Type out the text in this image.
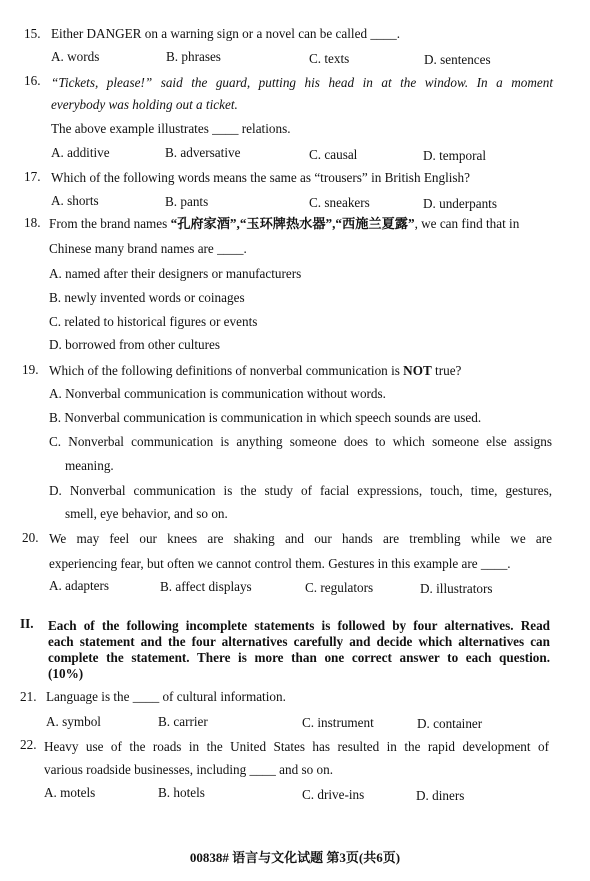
15. Either DANGER on a warning sign or a novel can be called ____.
A. words	B. phrases	C. texts	D. sentences
16. “Tickets, please!” said the guard, putting his head in at the window. In a moment
everybody was holding out a ticket.
The above example illustrates ____ relations.
A. additive	B. adversative	C. causal	D. temporal
17. Which of the following words means the same as “trousers” in British English?
A. shorts	B. pants	C. sneakers	D. underpants
18. From the brand names “孔府家酒”,“玉环牌热水器”,“西施兰夏露”, we can find that in
Chinese many brand names are ____.
A. named after their designers or manufacturers
B. newly invented words or coinages
C. related to historical figures or events
D. borrowed from other cultures
19. Which of the following definitions of nonverbal communication is NOT true?
A. Nonverbal communication is communication without words.
B. Nonverbal communication is communication in which speech sounds are used.
C. Nonverbal communication is anything someone does to which someone else assigns
meaning.
D. Nonverbal communication is the study of facial expressions, touch, time, gestures,
smell, eye behavior, and so on.
20. We may feel our knees are shaking and our hands are trembling while we are
experiencing fear, but often we cannot control them. Gestures in this example are ____.
A. adapters	B. affect displays	C. regulators	D. illustrators
II. Each of the following incomplete statements is followed by four alternatives. Read
each statement and the four alternatives carefully and decide which alternatives can
complete the statement. There is more than one correct answer to each question.
(10%)
21. Language is the ____ of cultural information.
A. symbol	B. carrier	C. instrument	D. container
22. Heavy use of the roads in the United States has resulted in the rapid development of
various roadside businesses, including ____ and so on.
A. motels	B. hotels	C. drive-ins	D. diners
00838# 语言与文化试题 第3页(共6页)
